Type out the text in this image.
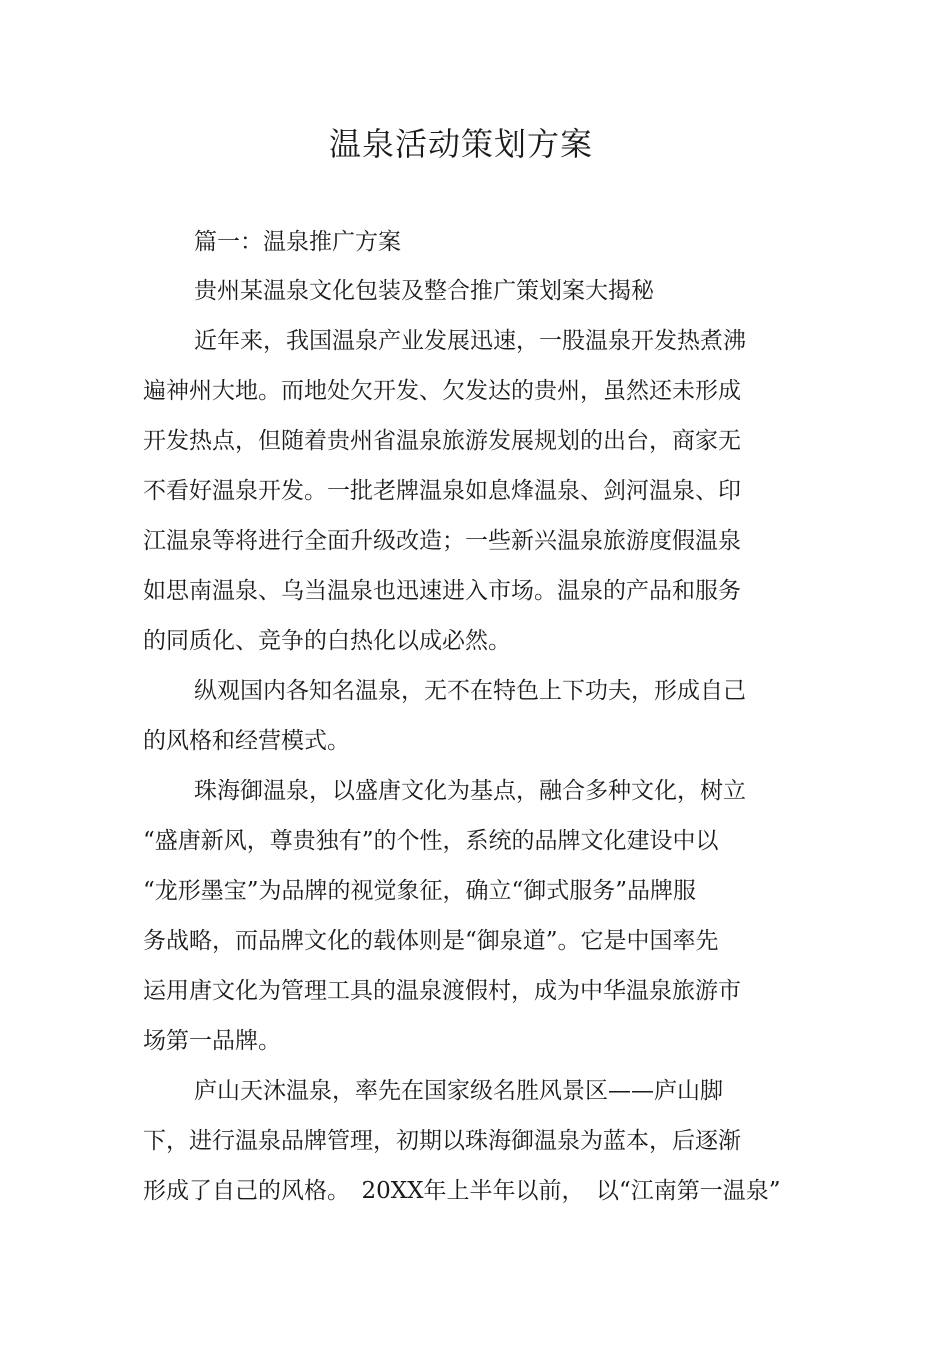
温泉活动策划方案
篇一：温泉推广方案
贵州某温泉文化包装及整合推广策划案大揭秘
近年来，我国温泉产业发展迅速，一股温泉开发热煮沸
遍神州大地。而地处欠开发、欠发达的贵州，虽然还未形成
开发热点，但随着贵州省温泉旅游发展规划的出台，商家无
不看好温泉开发。一批老牌温泉如息烽温泉、剑河温泉、印
江温泉等将进行全面升级改造；一些新兴温泉旅游度假温泉
如思南温泉、乌当温泉也迅速进入市场。温泉的产品和服务
的同质化、竞争的白热化以成必然。
纵观国内各知名温泉，无不在特色上下功夫，形成自己
的风格和经营模式。
珠海御温泉，以盛唐文化为基点，融合多种文化，树立
“盛唐新风，尊贵独有”的个性，系统的品牌文化建设中以
“龙形墨宝”为品牌的视觉象征，确立“御式服务”品牌服
务战略，而品牌文化的载体则是“御泉道”。它是中国率先
运用唐文化为管理工具的温泉渡假村，成为中华温泉旅游市
场第一品牌。
庐山天沐温泉，率先在国家级名胜风景区——庐山脚
下，进行温泉品牌管理，初期以珠海御温泉为蓝本，后逐渐
形成了自己的风格。　20XX年上半年以前，　以“江南第一温泉”
